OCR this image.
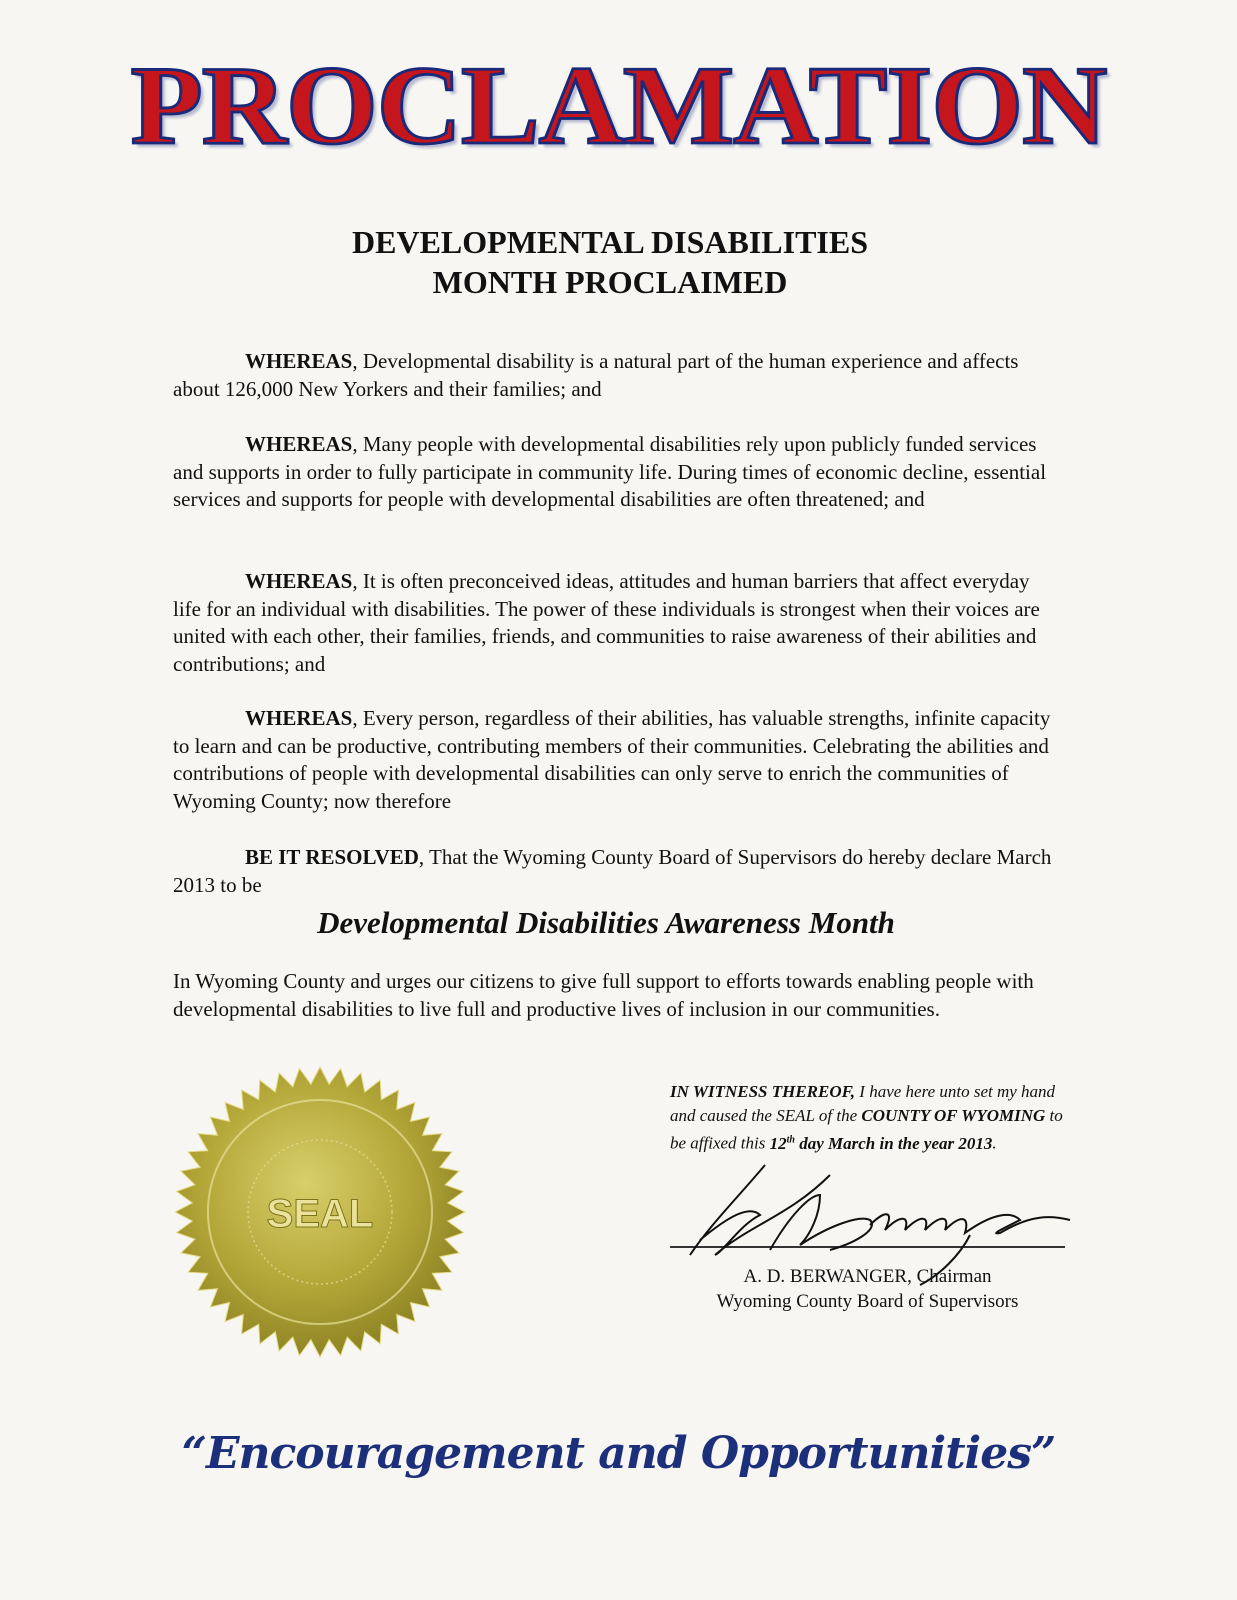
PROCLAMATION
DEVELOPMENTAL DISABILITIES
MONTH PROCLAIMED
WHEREAS, Developmental disability is a natural part of the human experience and affects about 126,000 New Yorkers and their families; and
WHEREAS, Many people with developmental disabilities rely upon publicly funded services and supports in order to fully participate in community life. During times of economic decline, essential services and supports for people with developmental disabilities are often threatened; and
WHEREAS, It is often preconceived ideas, attitudes and human barriers that affect everyday life for an individual with disabilities. The power of these individuals is strongest when their voices are united with each other, their families, friends, and communities to raise awareness of their abilities and contributions; and
WHEREAS, Every person, regardless of their abilities, has valuable strengths, infinite capacity to learn and can be productive, contributing members of their communities. Celebrating the abilities and contributions of people with developmental disabilities can only serve to enrich the communities of Wyoming County; now therefore
BE IT RESOLVED, That the Wyoming County Board of Supervisors do hereby declare March 2013 to be
Developmental Disabilities Awareness Month
In Wyoming County and urges our citizens to give full support to efforts towards enabling people with developmental disabilities to live full and productive lives of inclusion in our communities.
SEAL
IN WITNESS THEREOF, I have here unto set my hand and caused the SEAL of the COUNTY OF WYOMING to be affixed this 12th day March in the year 2013.
A. D. BERWANGER, Chairman
Wyoming County Board of Supervisors
“Encouragement and Opportunities”
